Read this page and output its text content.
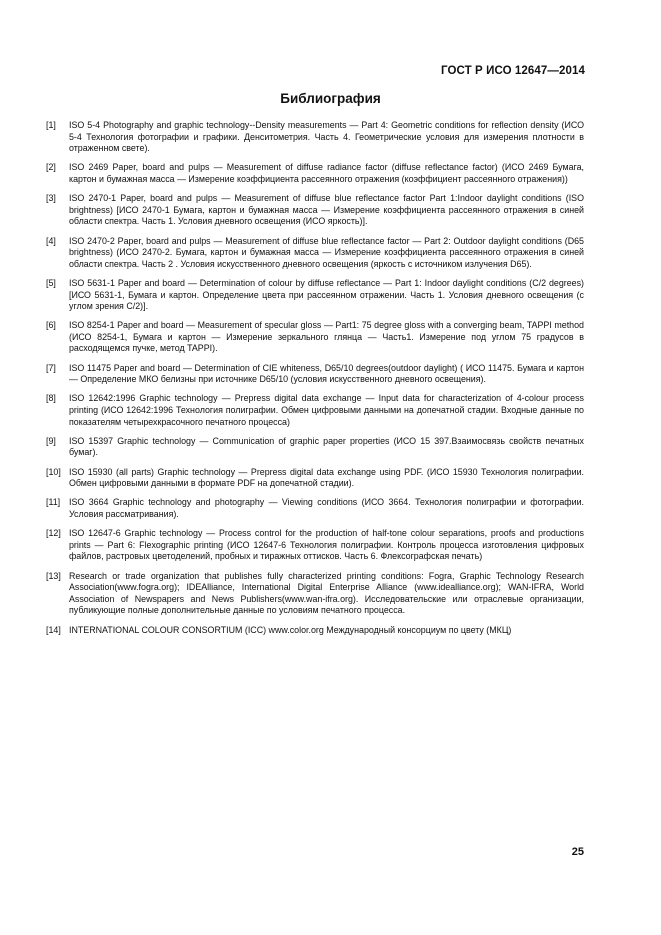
ГОСТ Р ИСО 12647—2014
Библиография
[1]	ISO 5-4 Photography and graphic technology--Density measurements — Part 4: Geometric conditions for reflection density (ИСО 5-4 Технология фотографии и графики. Денситометрия. Часть 4. Геометрические условия для измерения плотности в отраженном свете).
[2]	ISO 2469 Paper, board and pulps — Measurement of diffuse radiance factor (diffuse reflectance factor) (ИСО 2469 Бумага, картон и бумажная масса — Измерение коэффициента рассеянного отражения (коэффициент рассеянного отражения))
[3]	ISO 2470-1 Paper, board and pulps — Measurement of diffuse blue reflectance factor Part 1:Indoor daylight conditions (ISO brightness) [ИСО 2470-1 Бумага, картон и бумажная масса — Измерение коэффициента рассеянного отражения в синей области спектра. Часть 1. Условия дневного освещения (ИСО яркость)].
[4]	ISO 2470-2 Paper, board and pulps — Measurement of diffuse blue reflectance factor — Part 2: Outdoor daylight conditions (D65 brightness) (ИСО 2470-2. Бумага, картон и бумажная масса — Измерение коэффициента рассеянного отражения в синей области спектра. Часть 2 . Условия искусственного дневного освещения (яркость с источником излучения D65).
[5]	ISO 5631-1 Paper and board — Determination of colour by diffuse reflectance — Part 1: Indoor daylight conditions (C/2 degrees) [ИСО 5631-1, Бумага и картон. Определение цвета при рассеянном отражении. Часть 1. Условия дневного освещения (с углом зрения C/2)].
[6]	ISO 8254-1 Paper and board — Measurement of specular gloss — Part1: 75 degree gloss with a converging beam, TAPPI method (ИСО 8254-1, Бумага и картон — Измерение зеркального глянца — Часть1. Измерение под углом 75 градусов в расходящемся пучке, метод TAPPI).
[7]	ISO 11475 Paper and board — Determination of CIE whiteness, D65/10 degrees(outdoor daylight) ( ИСО 11475. Бумага и картон — Определение МКО белизны при источнике D65/10 (условия искусственного дневного освещения).
[8]	ISO 12642:1996 Graphic technology — Prepress digital data exchange — Input data for characterization of 4-colour process printing (ИСО 12642:1996 Технология полиграфии. Обмен цифровыми данными на допечатной стадии. Входные данные по показателям четырехкрасочного печатного процесса)
[9]	ISO 15397 Graphic technology — Communication of graphic paper properties (ИСО 15 397.Взаимосвязь свойств печатных бумаг).
[10] ISO 15930 (all parts) Graphic technology — Prepress digital data exchange using PDF. (ИСО 15930 Технология полиграфии. Обмен цифровыми данными в формате PDF на допечатной стадии).
[11] ISO 3664 Graphic technology and photography — Viewing conditions (ИСО 3664. Технология полиграфии и фотографии. Условия рассматривания).
[12] ISO 12647-6 Graphic technology — Process control for the production of half-tone colour separations, proofs and productions prints — Part 6: Flexographic printing (ИСО 12647-6 Технология полиграфии. Контроль процесса изготовления цифровых файлов, растровых цветоделений, пробных и тиражных оттисков. Часть 6. Флексографская печать)
[13] Research or trade organization that publishes fully characterized printing conditions: Fogra, Graphic Technology Research Association(www.fogra.org); IDEAlliance, International Digital Enterprise Alliance (www.idealliance.org); WAN-IFRA, World Association of Newspapers and News Publishers(www.wan-ifra.org). Исследовательские или отраслевые организации, публикующие полные дополнительные данные по условиям печатного процесса.
[14] INTERNATIONAL COLOUR CONSORTIUM (ICC) www.color.org Международный консорциум по цвету (МКЦ)
25
